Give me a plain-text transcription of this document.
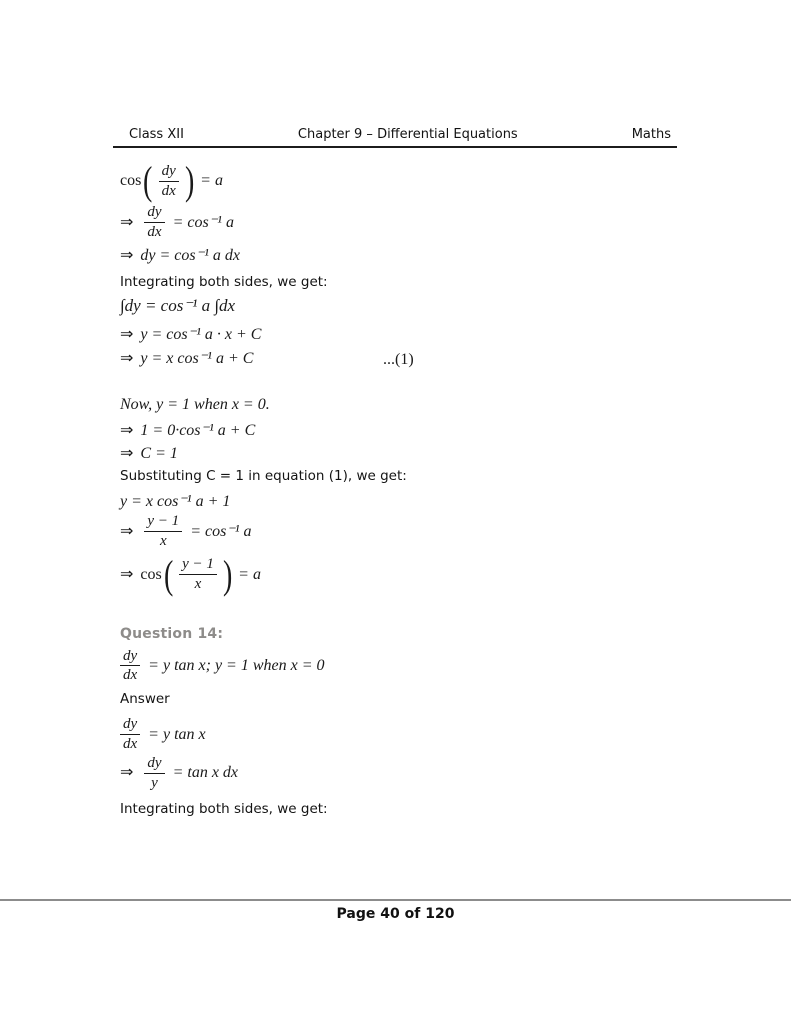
Class XII	Chapter 9 – Differential Equations	Maths
cos ( $\frac{dy}{dx}$ ) = a
⇒ $\frac{dy}{dx} = \cos^{-1}$ a
⇒ dy = cos⁻¹ a dx
Integrating both sides, we get:
∫dy = cos⁻¹ a ∫dx
⇒ y = cos⁻¹ a · x + C
⇒ y = x cos⁻¹ a + C	...(1)
Now, y = 1 when x = 0.
⇒ 1 = 0·cos⁻¹ a + C
⇒ C = 1
Substituting C = 1 in equation (1), we get:
y = x cos⁻¹ a + 1
⇒ $\frac{y - 1}{x} = \cos^{-1}$ a
⇒ cos ( $\frac{y - 1}{x}$ ) = a
Question 14:
$\frac{dy}{dx} = y$ tan x; y = 1 when x = 0
Answer
$\frac{dy}{dx} = y$ tan x
⇒ $\frac{dy}{y} = \tan x$ dx
Integrating both sides, we get:
Page 40 of 120
